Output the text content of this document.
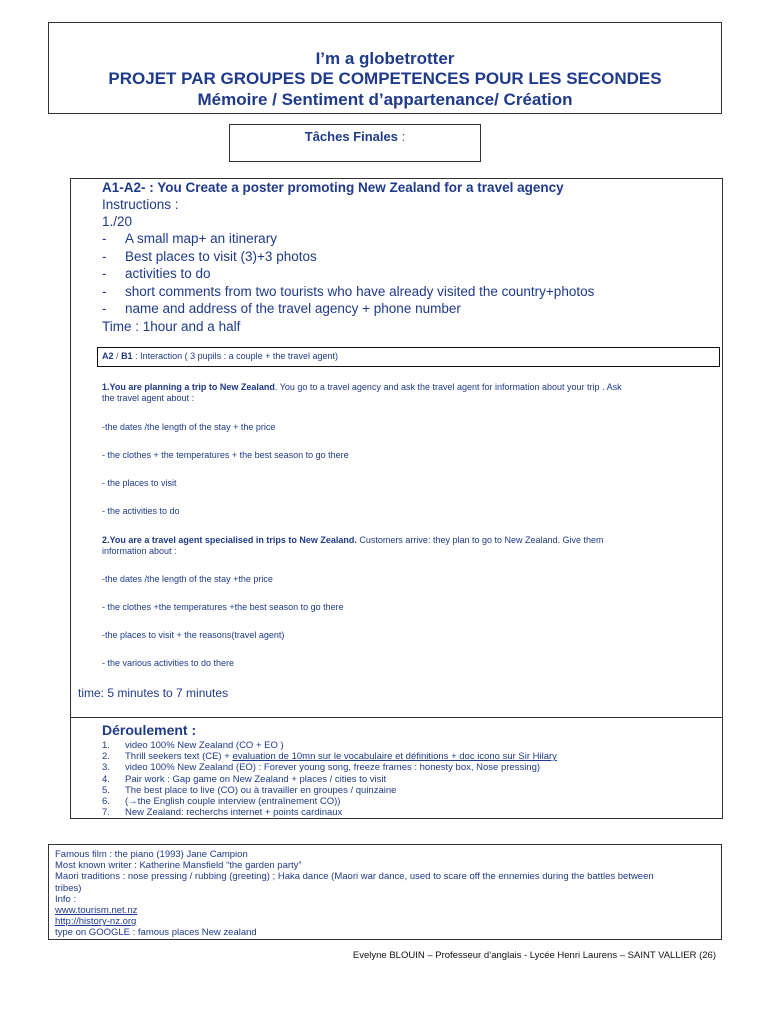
I’m a globetrotter
PROJET PAR GROUPES DE COMPETENCES POUR LES SECONDES
Mémoire / Sentiment d’appartenance/ Création
Tâches Finales :
A1-A2- : You Create a poster promoting New Zealand for a travel agency
Instructions :
1./20
- A small map+ an itinerary
- Best places to visit (3)+3 photos
- activities to do
- short comments from two tourists who have already visited the country+photos
- name and address of the travel agency + phone number
Time : 1hour and a half
A2 / B1 : Interaction ( 3 pupils : a couple + the travel agent)
1.You are planning a trip to New Zealand. You go to a travel agency and ask the travel agent for information about your trip . Ask
the travel agent about :
-the dates /the length of the stay + the price
- the clothes + the temperatures + the best season to go there
- the places to visit
- the activities to do
2.You are a travel agent specialised in trips to New Zealand. Customers arrive: they plan to go to New Zealand. Give them
information about :
-the dates /the length of the stay +the price
- the clothes +the temperatures +the best season to go there
-the places to visit + the reasons(travel agent)
- the various activities to do there
time: 5 minutes to 7 minutes
Déroulement :
1. video 100% New Zealand (CO + EO )
2. Thrill seekers text (CE) + evaluation de 10mn sur le vocabulaire et définitions + doc icono sur Sir Hilary
3. video 100% New Zealand (EO) : Forever young song, freeze frames : honesty box, Nose pressing)
4. Pair work : Gap game on New Zealand + places / cities to visit
5. The best place to live (CO) ou à travailler en groupes / quinzaine
6. (→the English couple interview (entraînement CO))
7. New Zealand: recherchs internet + points cardinaux
Famous film : the piano (1993) Jane Campion
Most known writer : Katherine Mansfield “the garden party”
Maori traditions : nose pressing / rubbing (greeting) ; Haka dance (Maori war dance, used to scare off the ennemies during the battles between
tribes)
Info :
www.tourism.net.nz
http://history-nz.org
type on GOOGLE : famous places New zealand
Evelyne BLOUIN – Professeur d’anglais - Lycée Henri Laurens – SAINT VALLIER (26)
